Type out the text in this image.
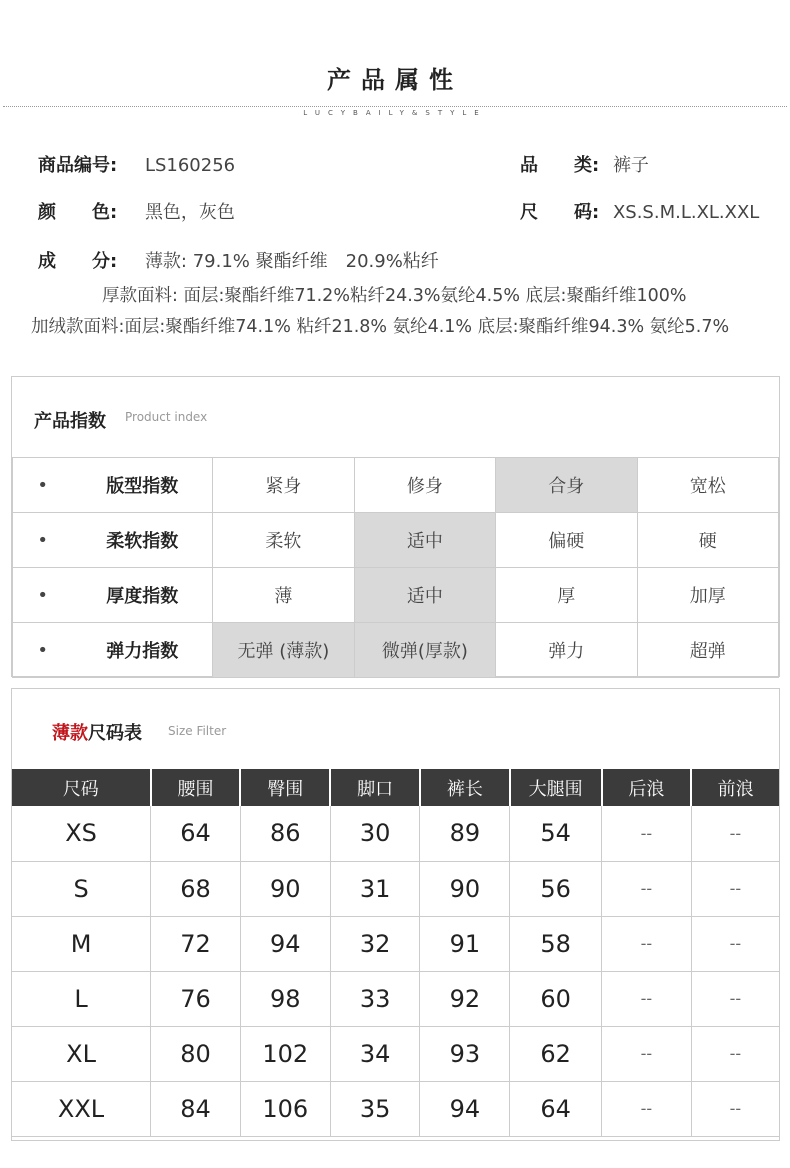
产品属性
LUCYBAILY&STYLE
商品编号: LS160256	品　　类: 裤子
颜　　色: 黑色，灰色	尺　　码: XS.S.M.L.XL.XXL
成　　分: 薄款: 79.1% 聚酯纤维　20.9%粘纤
厚款面料: 面层:聚酯纤维71.2%粘纤24.3%氨纶4.5% 底层:聚酯纤维100%
加绒款面料:面层:聚酯纤维74.1% 粘纤21.8% 氨纶4.1% 底层:聚酯纤维94.3% 氨纶5.7%
产品指数 Product index
•	版型指数	紧身	修身	合身	宽松
•	柔软指数	柔软	适中	偏硬	硬
•	厚度指数	薄	适中	厚	加厚
•	弹力指数	无弹 (薄款)	微弹(厚款)	弹力	超弹
薄款尺码表 Size Filter
尺码	腰围	臀围	脚口	裤长	大腿围	后浪	前浪
XS	64	86	30	89	54	--	--
S	68	90	31	90	56	--	--
M	72	94	32	91	58	--	--
L	76	98	33	92	60	--	--
XL	80	102	34	93	62	--	--
XXL	84	106	35	94	64	--	--
